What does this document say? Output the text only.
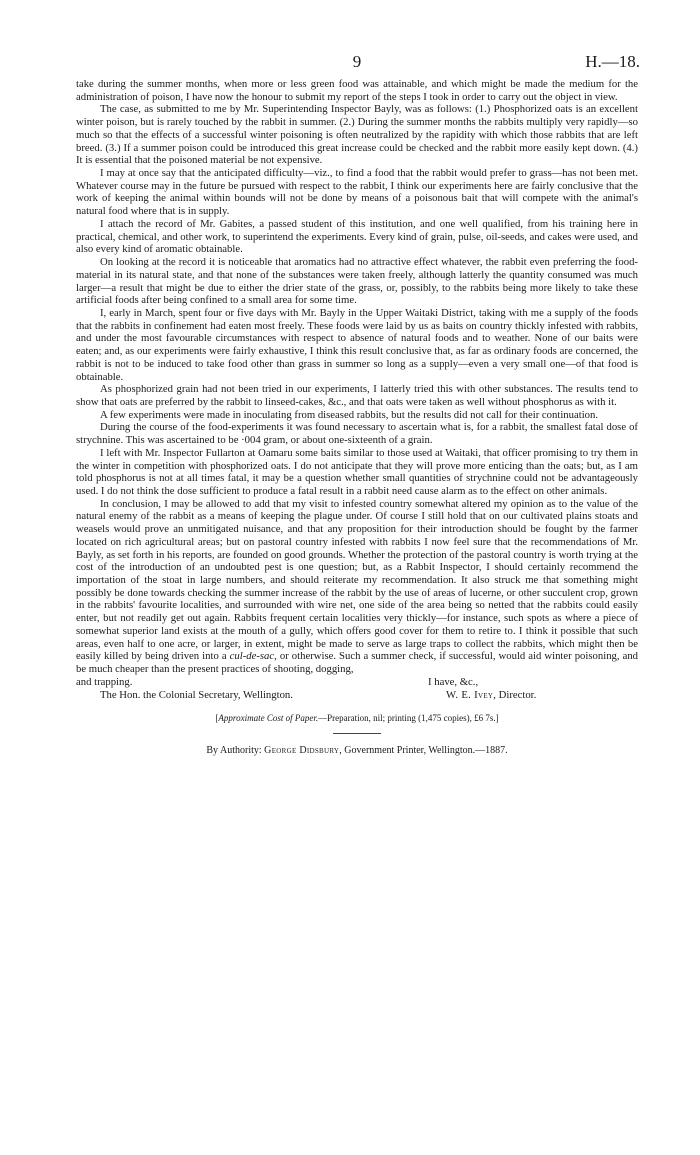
9	H.—18.

take during the summer months, when more or less green food was attainable, and which might be made the medium for the administration of poison, I have now the honour to submit my report of the steps I took in order to carry out the object in view.

The case, as submitted to me by Mr. Superintending Inspector Bayly, was as follows: (1.) Phosphorized oats is an excellent winter poison, but is rarely touched by the rabbit in summer. (2.) During the summer months the rabbits multiply very rapidly—so much so that the effects of a successful winter poisoning is often neutralized by the rapidity with which those rabbits that are left breed. (3.) If a summer poison could be introduced this great increase could be checked and the rabbit more easily kept down. (4.) It is essential that the poisoned material be not expensive.

I may at once say that the anticipated difficulty—viz., to find a food that the rabbit would prefer to grass—has not been met. Whatever course may in the future be pursued with respect to the rabbit, I think our experiments here are fairly conclusive that the work of keeping the animal within bounds will not be done by means of a poisonous bait that will compete with the animal's natural food where that is in supply.

I attach the record of Mr. Gabites, a passed student of this institution, and one well qualified, from his training here in practical, chemical, and other work, to superintend the experiments. Every kind of grain, pulse, oil-seeds, and cakes were used, and also every kind of aromatic obtainable.

On looking at the record it is noticeable that aromatics had no attractive effect whatever, the rabbit even preferring the food-material in its natural state, and that none of the substances were taken freely, although latterly the quantity consumed was much larger—a result that might be due to either the drier state of the grass, or, possibly, to the rabbits being more likely to take these artificial foods after being confined to a small area for some time.

I, early in March, spent four or five days with Mr. Bayly in the Upper Waitaki District, taking with me a supply of the foods that the rabbits in confinement had eaten most freely. These foods were laid by us as baits on country thickly infested with rabbits, and under the most favourable circumstances with respect to absence of natural foods and to weather. None of our baits were eaten; and, as our experiments were fairly exhaustive, I think this result conclusive that, as far as ordinary foods are concerned, the rabbit is not to be induced to take food other than grass in summer so long as a supply—even a very small one—of that food is obtainable.

As phosphorized grain had not been tried in our experiments, I latterly tried this with other substances. The results tend to show that oats are preferred by the rabbit to linseed-cakes, &c., and that oats were taken as well without phosphorus as with it.

A few experiments were made in inoculating from diseased rabbits, but the results did not call for their continuation.

During the course of the food-experiments it was found necessary to ascertain what is, for a rabbit, the smallest fatal dose of strychnine. This was ascertained to be ·004 gram, or about one-sixteenth of a grain.

I left with Mr. Inspector Fullarton at Oamaru some baits similar to those used at Waitaki, that officer promising to try them in the winter in competition with phosphorized oats. I do not anticipate that they will prove more enticing than the oats; but, as I am told phosphorus is not at all times fatal, it may be a question whether small quantities of strychnine could not be advantageously used. I do not think the dose sufficient to produce a fatal result in a rabbit need cause alarm as to the effect on other animals.

In conclusion, I may be allowed to add that my visit to infested country somewhat altered my opinion as to the value of the natural enemy of the rabbit as a means of keeping the plague under. Of course I still hold that on our cultivated plains stoats and weasels would prove an unmitigated nuisance, and that any proposition for their introduction should be fought by the farmer located on rich agricultural areas; but on pastoral country infested with rabbits I now feel sure that the recommendations of Mr. Bayly, as set forth in his reports, are founded on good grounds. Whether the protection of the pastoral country is worth trying at the cost of the introduction of an undoubted pest is one question; but, as a Rabbit Inspector, I should certainly recommend the importation of the stoat in large numbers, and should reiterate my recommendation. It also struck me that something might possibly be done towards checking the summer increase of the rabbit by the use of areas of lucerne, or other succulent crop, grown in the rabbits' favourite localities, and surrounded with wire net, one side of the area being so netted that the rabbits could easily enter, but not readily get out again. Rabbits frequent certain localities very thickly—for instance, such spots as where a piece of somewhat superior land exists at the mouth of a gully, which offers good cover for them to retire to. I think it possible that such areas, even half to one acre, or larger, in extent, might be made to serve as large traps to collect the rabbits, which might then be easily killed by being driven into a cul-de-sac, or otherwise. Such a summer check, if successful, would aid winter poisoning, and be much cheaper than the present practices of shooting, dogging,

and trapping.	I have, &c.,
The Hon. the Colonial Secretary, Wellington.	W. E. Ivey, Director.
[Approximate Cost of Paper.—Preparation, nil; printing (1,475 copies), £6 7s.]
By Authority: George Didsbury, Government Printer, Wellington.—1887.
